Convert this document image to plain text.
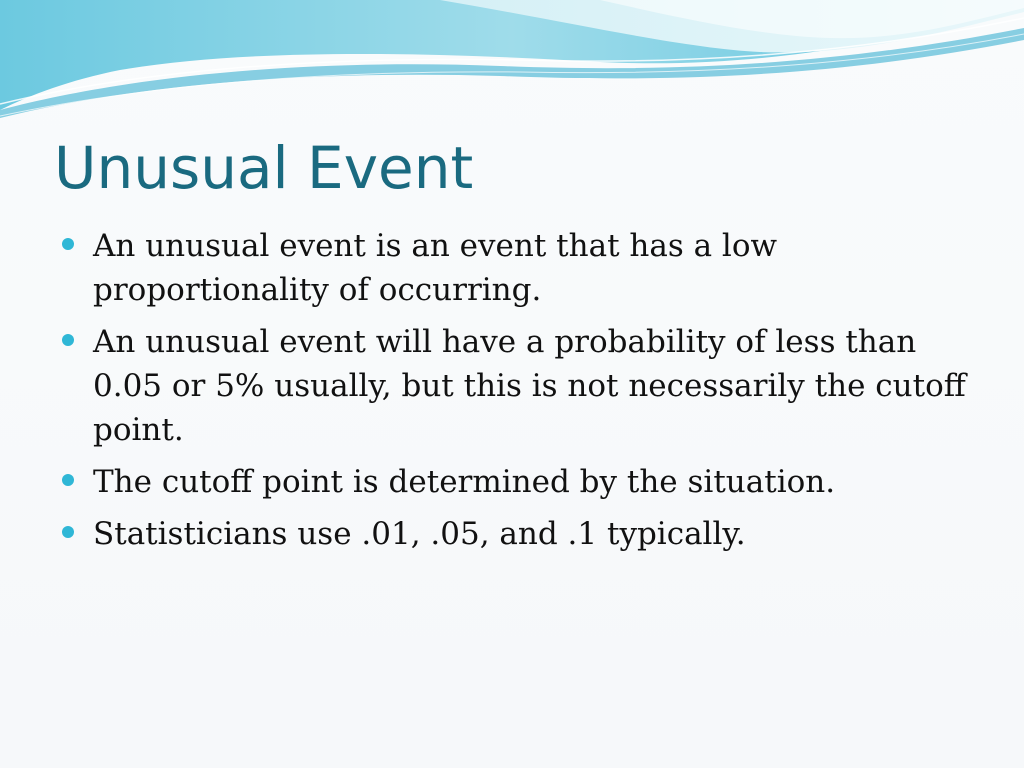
Unusual Event
An unusual event is an event that has a low proportionality of occurring.
An unusual event will have a probability of less than 0.05 or 5% usually, but this is not necessarily the cutoff point.
The cutoff point is determined by the situation.
Statisticians use .01, .05, and .1 typically.
